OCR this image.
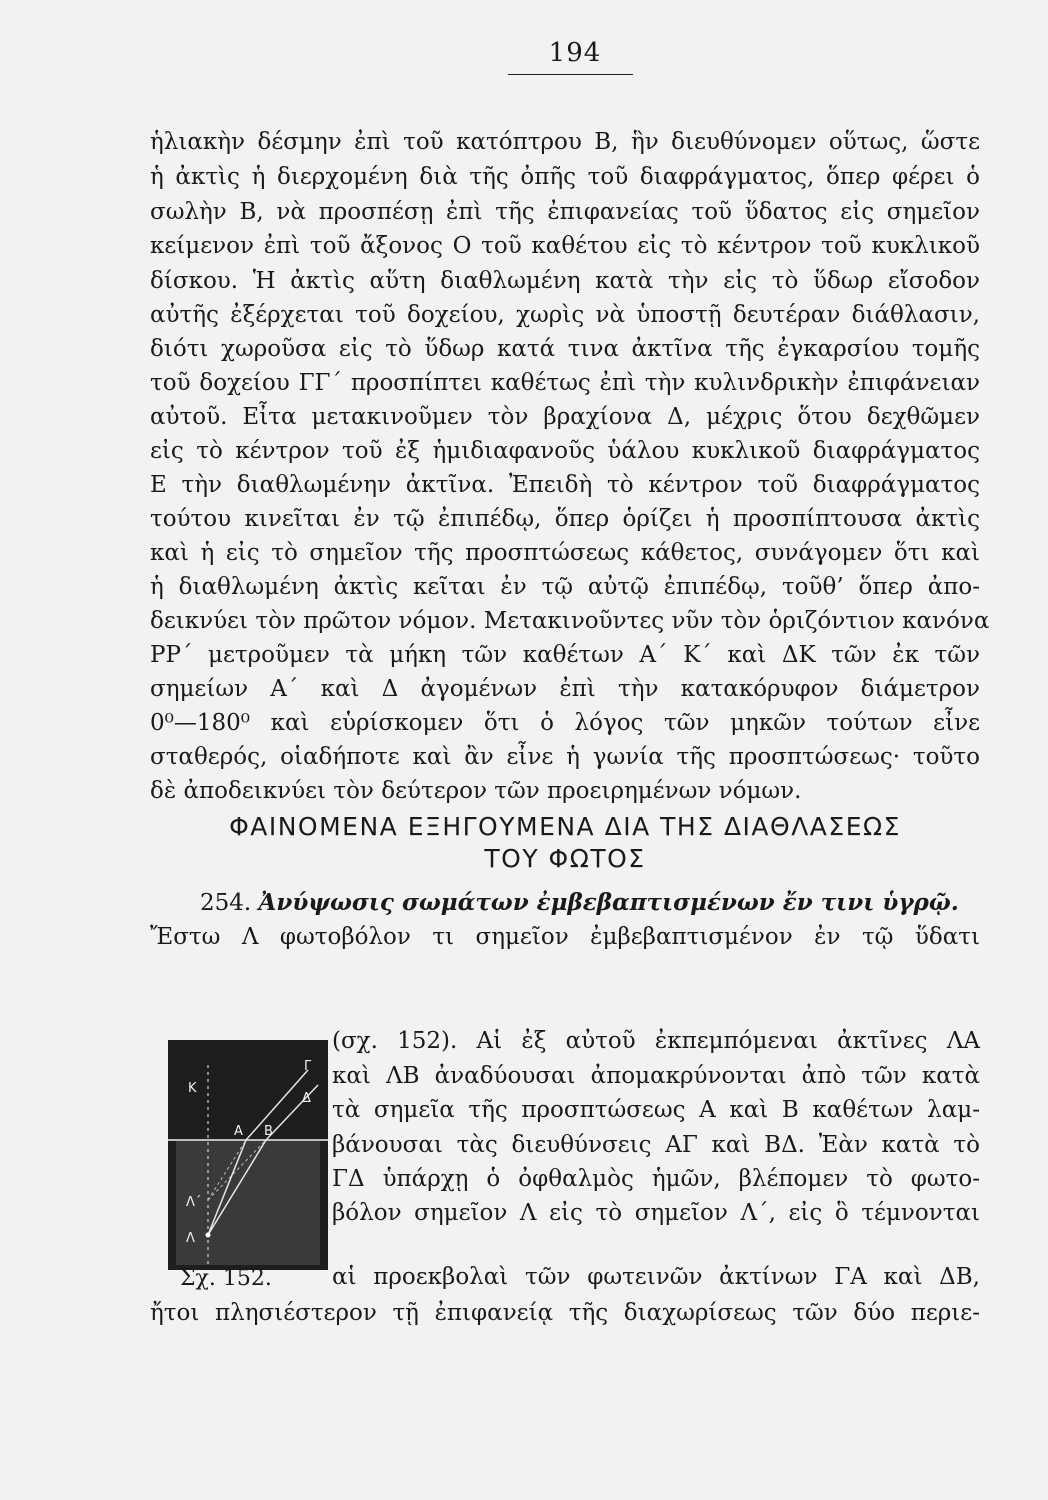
194
ἡλιακὴν δέσμην ἐπὶ τοῦ κατόπτρου Β, ἣν διευθύνομεν οὕτως, ὥστε
ἡ ἀκτὶς ἡ διερχομένη διὰ τῆς ὀπῆς τοῦ διαφράγματος, ὅπερ φέρει ὁ
σωλὴν Β, νὰ προσπέσῃ ἐπὶ τῆς ἐπιφανείας τοῦ ὕδατος εἰς σημεῖον
κείμενον ἐπὶ τοῦ ἄξονος Ο τοῦ καθέτου εἰς τὸ κέντρον τοῦ κυκλικοῦ
δίσκου. Ἡ ἀκτὶς αὕτη διαθλωμένη κατὰ τὴν εἰς τὸ ὕδωρ εἴσοδον
αὐτῆς ἐξέρχεται τοῦ δοχείου, χωρὶς νὰ ὑποστῇ δευτέραν διάθλασιν,
διότι χωροῦσα εἰς τὸ ὕδωρ κατά τινα ἀκτῖνα τῆς ἐγκαρσίου τομῆς
τοῦ δοχείου ΓΓ΄ προσπίπτει καθέτως ἐπὶ τὴν κυλινδρικὴν ἐπιφάνειαν
αὐτοῦ. Εἶτα μετακινοῦμεν τὸν βραχίονα Δ, μέχρις ὅτου δεχθῶμεν
εἰς τὸ κέντρον τοῦ ἐξ ἡμιδιαφανοῦς ὑάλου κυκλικοῦ διαφράγματος
Ε τὴν διαθλωμένην ἀκτῖνα. Ἐπειδὴ τὸ κέντρον τοῦ διαφράγματος
τούτου κινεῖται ἐν τῷ ἐπιπέδῳ, ὅπερ ὁρίζει ἡ προσπίπτουσα ἀκτὶς
καὶ ἡ εἰς τὸ σημεῖον τῆς προσπτώσεως κάθετος, συνάγομεν ὅτι καὶ
ἡ διαθλωμένη ἀκτὶς κεῖται ἐν τῷ αὐτῷ ἐπιπέδῳ, τοῦθ’ ὅπερ ἀπο-
δεικνύει τὸν πρῶτον νόμον. Μετακινοῦντες νῦν τὸν ὁριζόντιον κανόνα
ΡΡ΄ μετροῦμεν τὰ μήκη τῶν καθέτων Α΄ Κ΄ καὶ ΔΚ τῶν ἐκ τῶν
σημείων Α΄ καὶ Δ ἀγομένων ἐπὶ τὴν κατακόρυφον διάμετρον
0⁰—180⁰ καὶ εὑρίσκομεν ὅτι ὁ λόγος τῶν μηκῶν τούτων εἶνε
σταθερός, οἱαδήποτε καὶ ἂν εἶνε ἡ γωνία τῆς προσπτώσεως· τοῦτο
δὲ ἀποδεικνύει τὸν δεύτερον τῶν προειρημένων νόμων.
ΦΑΙΝΟΜΕΝΑ ΕΞΗΓΟΥΜΕΝΑ ΔΙΑ ΤΗΣ ΔΙΑΘΛΑΣΕΩΣ
ΤΟΥ ΦΩΤΟΣ
254. Ἀνύψωσις σωμάτων ἐμβεβαπτισμένων ἔν τινι ὑγρῷ.
Ἔστω Λ φωτοβόλον τι σημεῖον ἐμβεβαπτισμένον ἐν τῷ ὕδατι
Κ
Γ
Δ
Α Β
Λ΄
Λ
(σχ. 152). Αἱ ἐξ αὐτοῦ ἐκπεμπόμεναι ἀκτῖνες ΛΑ
καὶ ΛΒ ἀναδύουσαι ἀπομακρύνονται ἀπὸ τῶν κατὰ
τὰ σημεῖα τῆς προσπτώσεως Α καὶ Β καθέτων λαμ-
βάνουσαι τὰς διευθύνσεις ΑΓ καὶ ΒΔ. Ἐὰν κατὰ τὸ
ΓΔ ὑπάρχῃ ὁ ὀφθαλμὸς ἡμῶν, βλέπομεν τὸ φωτο-
βόλον σημεῖον Λ εἰς τὸ σημεῖον Λ΄, εἰς ὃ τέμνονται
αἱ προεκβολαὶ τῶν φωτεινῶν ἀκτίνων ΓΑ καὶ ΔΒ,
Σχ. 152.
ἤτοι πλησιέστερον τῇ ἐπιφανείᾳ τῆς διαχωρίσεως τῶν δύο περιε-
